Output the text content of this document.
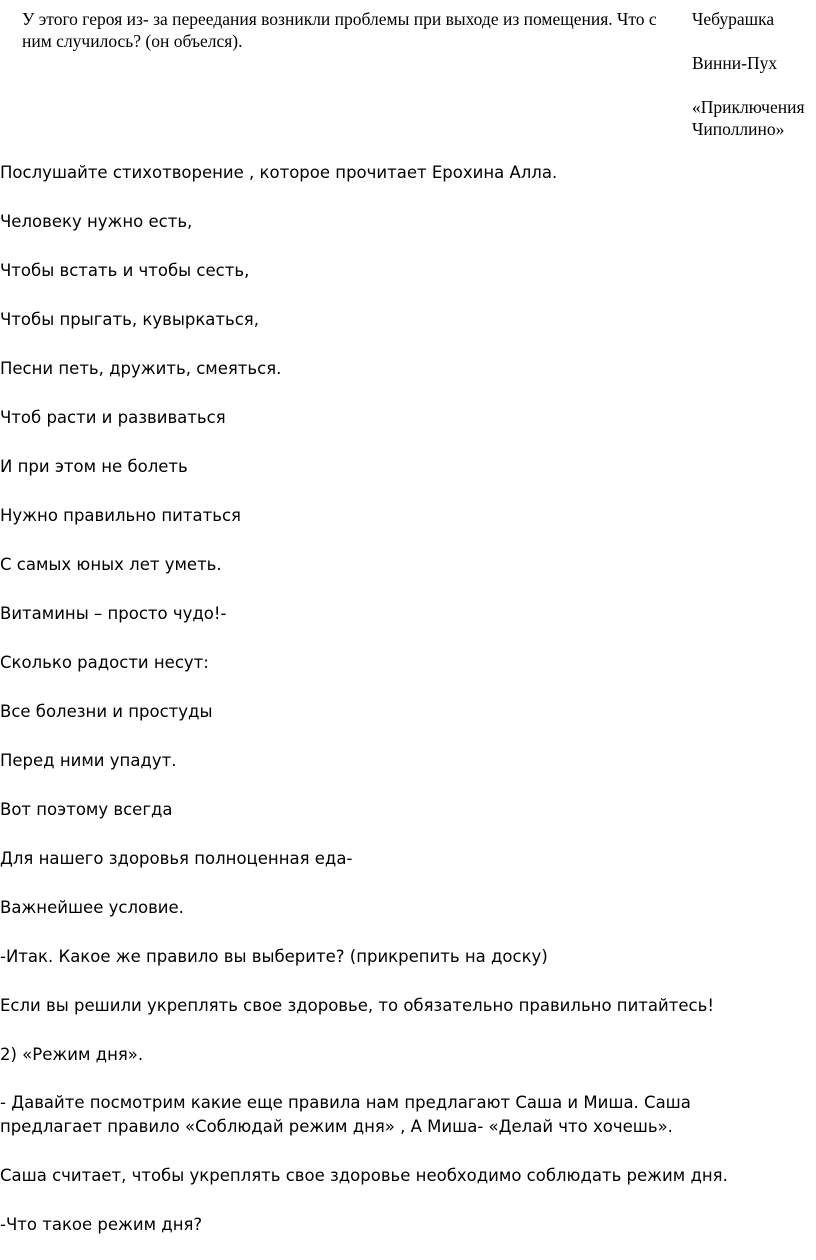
У этого героя из- за переедания возникли проблемы при выходе из помещения. Что с ним случилось? (он объелся).
Чебурашка
Винни-Пух
«Приключения Чиполлино»

Послушайте стихотворение , которое прочитает Ерохина Алла.

Человеку нужно есть,

Чтобы встать и чтобы сесть,

Чтобы прыгать, кувыркаться,

Песни петь, дружить, смеяться.

Чтоб расти и развиваться

И при этом не болеть

Нужно правильно питаться

С самых юных лет уметь.

Витамины – просто чудо!-

Сколько радости несут:

Все болезни и простуды

Перед ними упадут.

Вот поэтому всегда

Для нашего здоровья полноценная еда-

Важнейшее условие.

-Итак. Какое же правило вы выберите? (прикрепить на доску)

Если вы решили укреплять свое здоровье, то обязательно правильно питайтесь!

2) «Режим дня».

- Давайте посмотрим какие еще правила нам предлагают Саша и Миша. Саша предлагает правило «Соблюдай режим дня» , А Миша- «Делай что хочешь».

Саша считает, чтобы укреплять свое здоровье необходимо соблюдать режим дня.

-Что такое режим дня?
